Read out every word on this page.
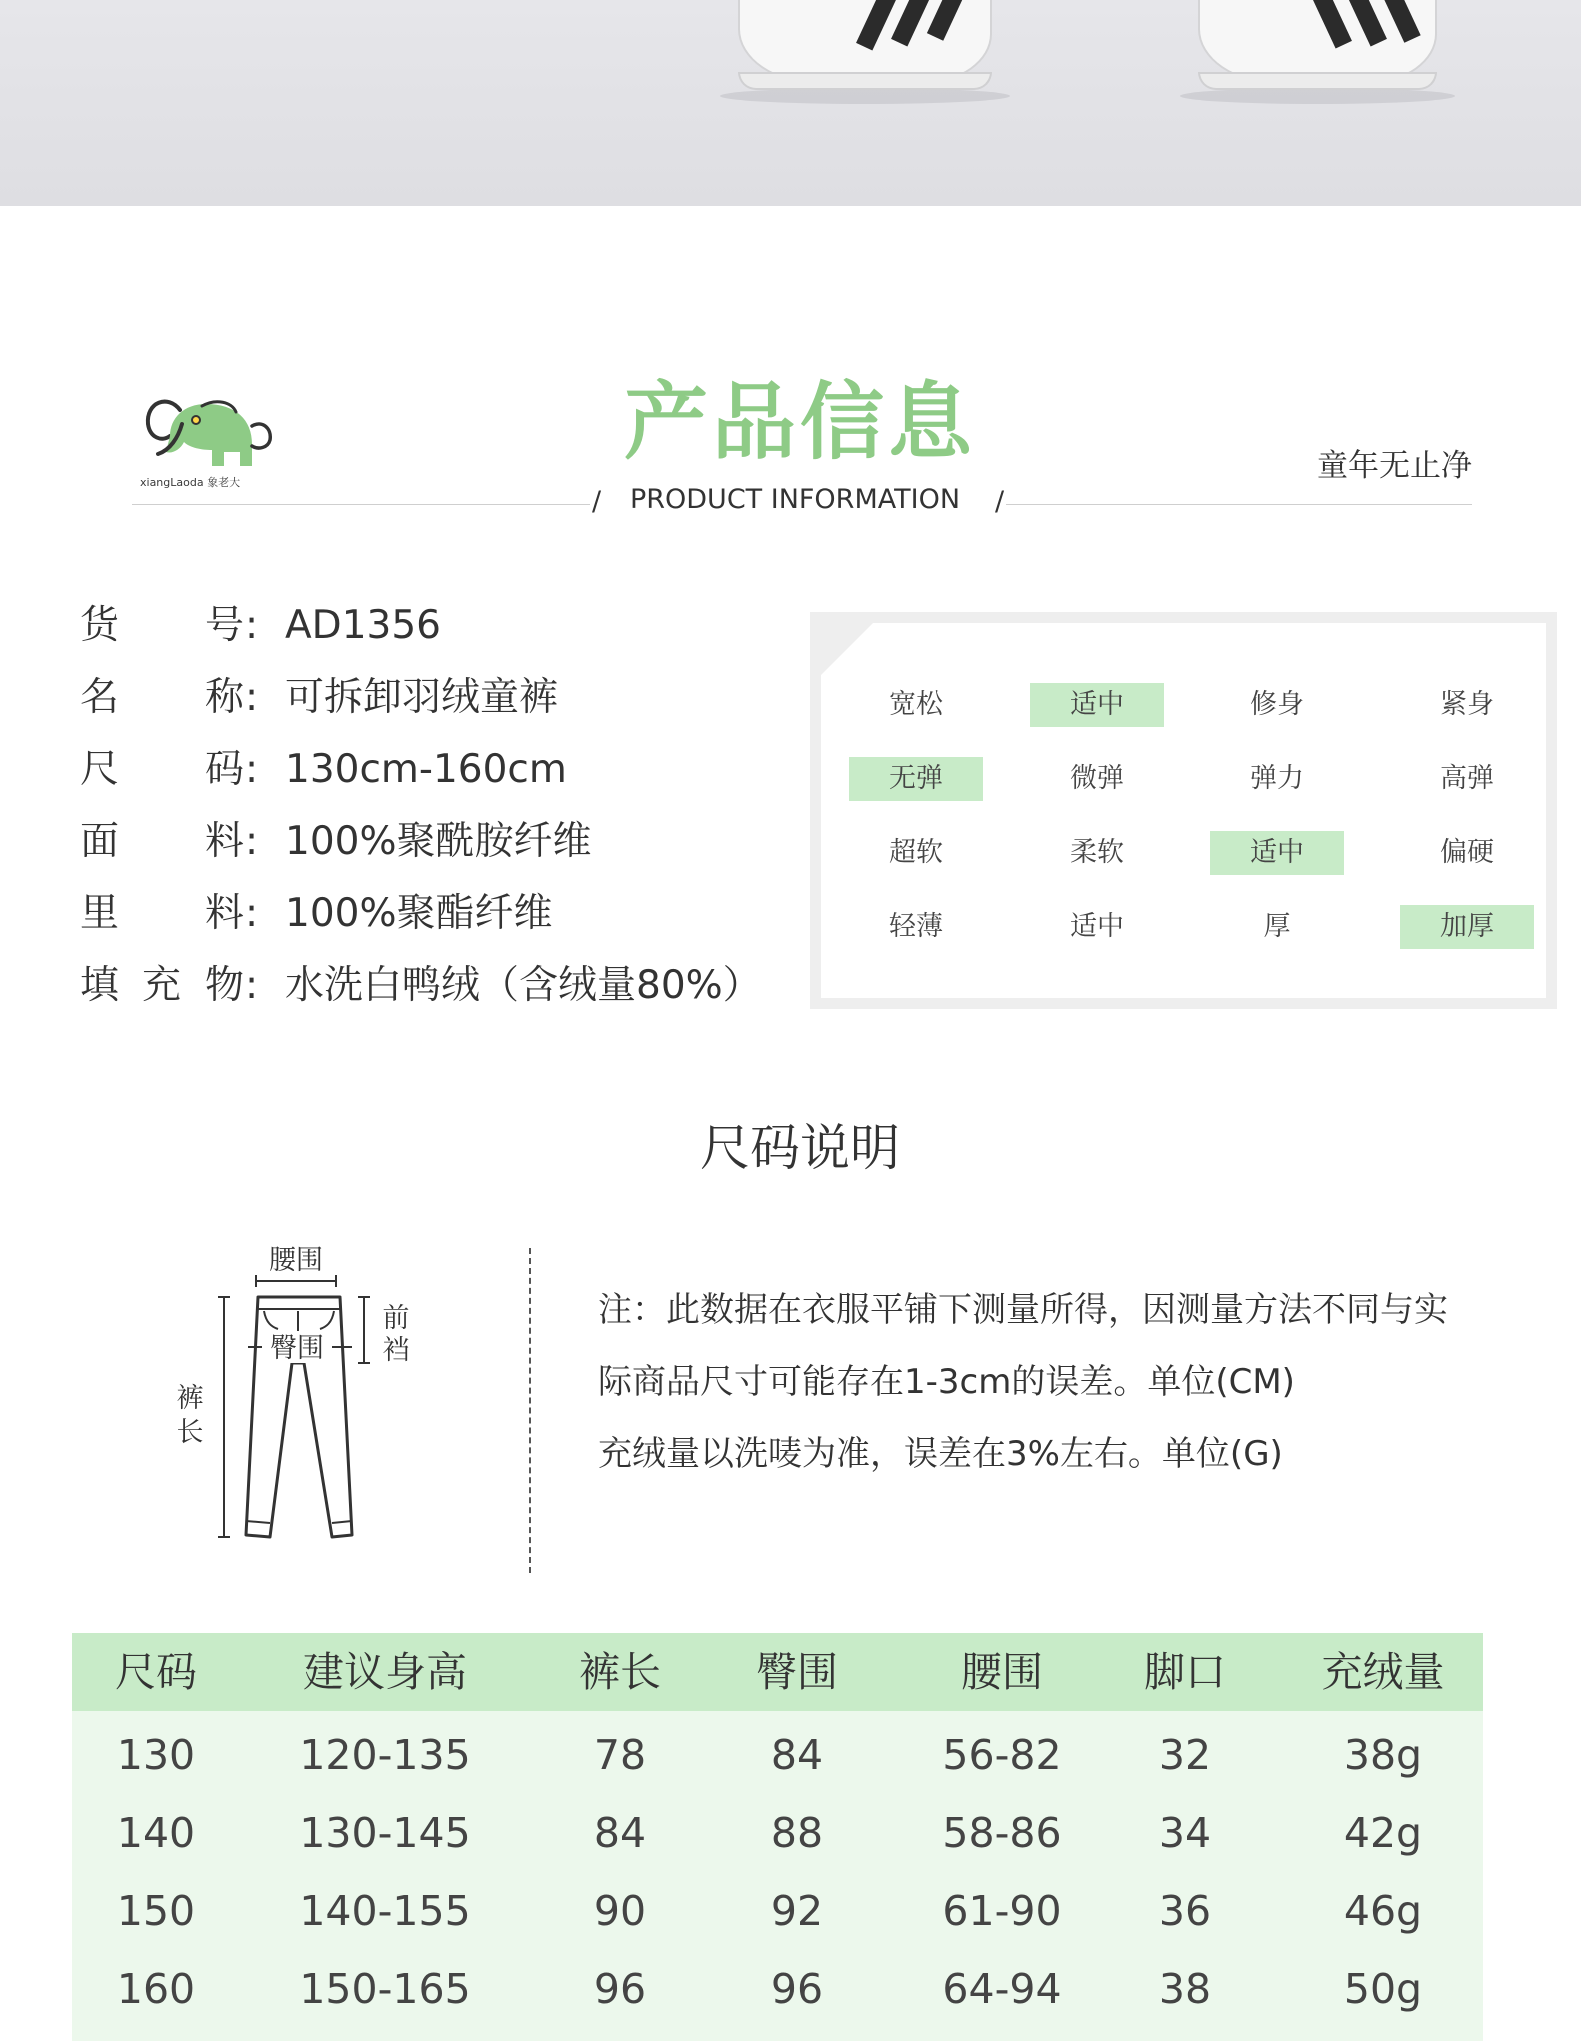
xiangLaoda 象老大
产品信息
/	PRODUCT INFORMATION	/
童年无止净
货 号 : AD1356
名 称 : 可拆卸羽绒童裤
尺 码 : 130cm-160cm
面 料 : 100%聚酰胺纤维
里 料 : 100%聚酯纤维
填 充 物 : 水洗白鸭绒（含绒量80%）
宽松	适中	修身	紧身
无弹	微弹	弹力	高弹
超软	柔软	适中	偏硬
轻薄	适中	厚	加厚
尺码说明
腰围
臀围
前
裆
裤
长
注：此数据在衣服平铺下测量所得，因测量方法不同与实
际商品尺寸可能存在1-3cm的误差。单位(CM)
充绒量以洗唛为准，误差在3%左右。单位(G)
尺码	建议身高	裤长	臀围	腰围	脚口	充绒量
130	120-135	78	84	56-82	32	38g
140	130-145	84	88	58-86	34	42g
150	140-155	90	92	61-90	36	46g
160	150-165	96	96	64-94	38	50g
